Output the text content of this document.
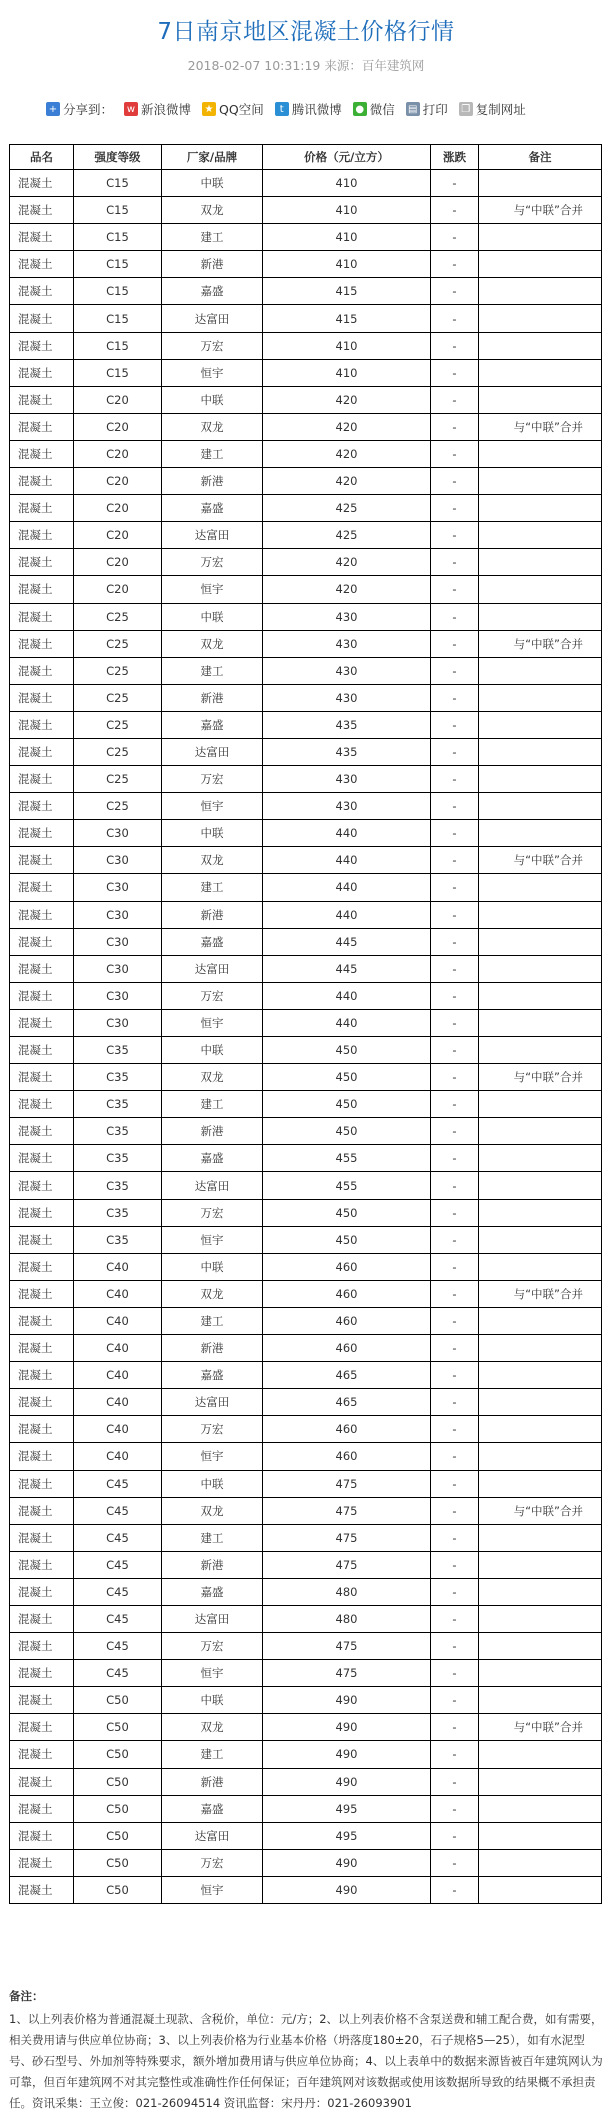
7日南京地区混凝土价格行情
2018-02-07 10:31:19 来源：百年建筑网
+ 分享到： w 新浪微博 ★ QQ空间	t 腾讯微博 ● 微信 ▤ 打印 ❐ 复制网址
品名	强度等级	厂家/品牌	价格（元/立方）	涨跌	备注
混凝土	C15	中联	410	-	
混凝土	C15	双龙	410	-	与“中联”合并
混凝土	C15	建工	410	-	
混凝土	C15	新港	410	-	
混凝土	C15	嘉盛	415	-	
混凝土	C15	达富田	415	-	
混凝土	C15	万宏	410	-	
混凝土	C15	恒宇	410	-	
混凝土	C20	中联	420	-	
混凝土	C20	双龙	420	-	与“中联”合并
混凝土	C20	建工	420	-	
混凝土	C20	新港	420	-	
混凝土	C20	嘉盛	425	-	
混凝土	C20	达富田	425	-	
混凝土	C20	万宏	420	-	
混凝土	C20	恒宇	420	-	
混凝土	C25	中联	430	-	
混凝土	C25	双龙	430	-	与“中联”合并
混凝土	C25	建工	430	-	
混凝土	C25	新港	430	-	
混凝土	C25	嘉盛	435	-	
混凝土	C25	达富田	435	-	
混凝土	C25	万宏	430	-	
混凝土	C25	恒宇	430	-	
混凝土	C30	中联	440	-	
混凝土	C30	双龙	440	-	与“中联”合并
混凝土	C30	建工	440	-	
混凝土	C30	新港	440	-	
混凝土	C30	嘉盛	445	-	
混凝土	C30	达富田	445	-	
混凝土	C30	万宏	440	-	
混凝土	C30	恒宇	440	-	
混凝土	C35	中联	450	-	
混凝土	C35	双龙	450	-	与“中联”合并
混凝土	C35	建工	450	-	
混凝土	C35	新港	450	-	
混凝土	C35	嘉盛	455	-	
混凝土	C35	达富田	455	-	
混凝土	C35	万宏	450	-	
混凝土	C35	恒宇	450	-	
混凝土	C40	中联	460	-	
混凝土	C40	双龙	460	-	与“中联”合并
混凝土	C40	建工	460	-	
混凝土	C40	新港	460	-	
混凝土	C40	嘉盛	465	-	
混凝土	C40	达富田	465	-	
混凝土	C40	万宏	460	-	
混凝土	C40	恒宇	460	-	
混凝土	C45	中联	475	-	
混凝土	C45	双龙	475	-	与“中联”合并
混凝土	C45	建工	475	-	
混凝土	C45	新港	475	-	
混凝土	C45	嘉盛	480	-	
混凝土	C45	达富田	480	-	
混凝土	C45	万宏	475	-	
混凝土	C45	恒宇	475	-	
混凝土	C50	中联	490	-	
混凝土	C50	双龙	490	-	与“中联”合并
混凝土	C50	建工	490	-	
混凝土	C50	新港	490	-	
混凝土	C50	嘉盛	495	-	
混凝土	C50	达富田	495	-	
混凝土	C50	万宏	490	-	
混凝土	C50	恒宇	490	-	
备注：
1、以上列表价格为普通混凝土现款、含税价，单位：元/方；2、以上列表价格不含泵送费和辅工配合费，如有需要，相关费用请与供应单位协商；3、以上列表价格为行业基本价格（坍落度180±20，石子规格5—25），如有水泥型号、砂石型号、外加剂等特殊要求，额外增加费用请与供应单位协商；4、以上表单中的数据来源皆被百年建筑网认为可靠，但百年建筑网不对其完整性或准确性作任何保证；百年建筑网对该数据或使用该数据所导致的结果概不承担责任。资讯采集：王立俊：021-26094514 资讯监督：宋丹丹：021-26093901
